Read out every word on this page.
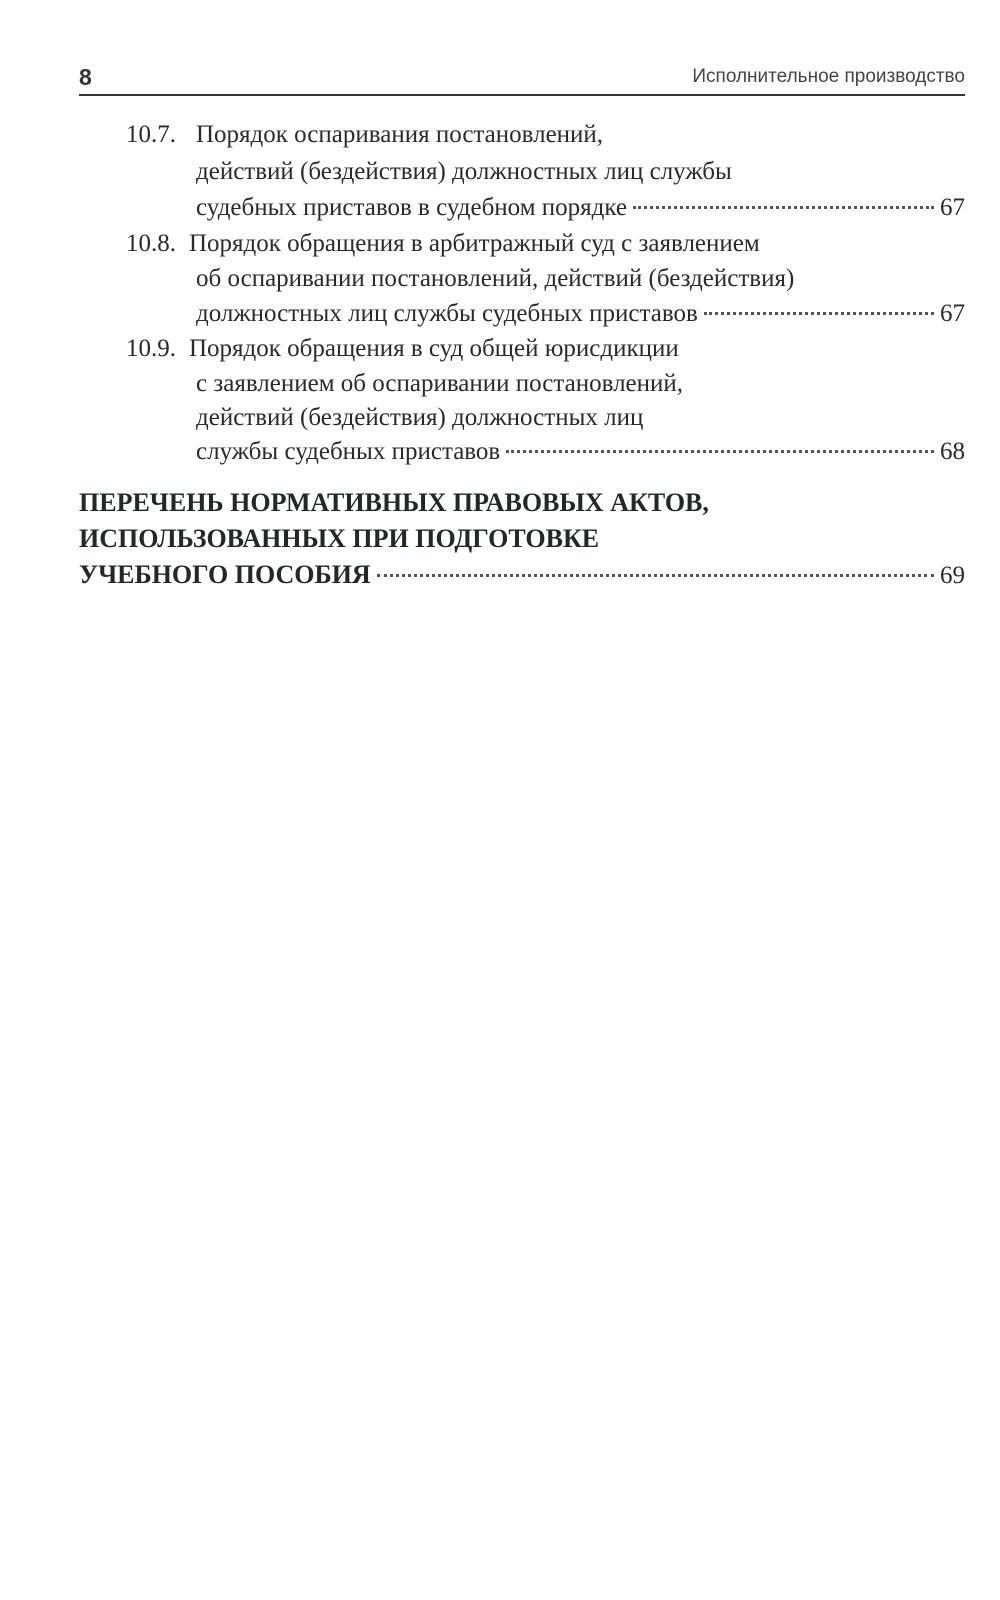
8	Исполнительное производство
10.7. Порядок оспаривания постановлений,
действий (бездействия) должностных лиц службы
судебных приставов в судебном порядке	67
10.8. Порядок обращения в арбитражный суд с заявлением
об оспаривании постановлений, действий (бездействия)
должностных лиц службы судебных приставов	67
10.9. Порядок обращения в суд общей юрисдикции
с заявлением об оспаривании постановлений,
действий (бездействия) должностных лиц
службы судебных приставов	68
ПЕРЕЧЕНЬ НОРМАТИВНЫХ ПРАВОВЫХ АКТОВ,
ИСПОЛЬЗОВАННЫХ ПРИ ПОДГОТОВКЕ
УЧЕБНОГО ПОСОБИЯ	69
